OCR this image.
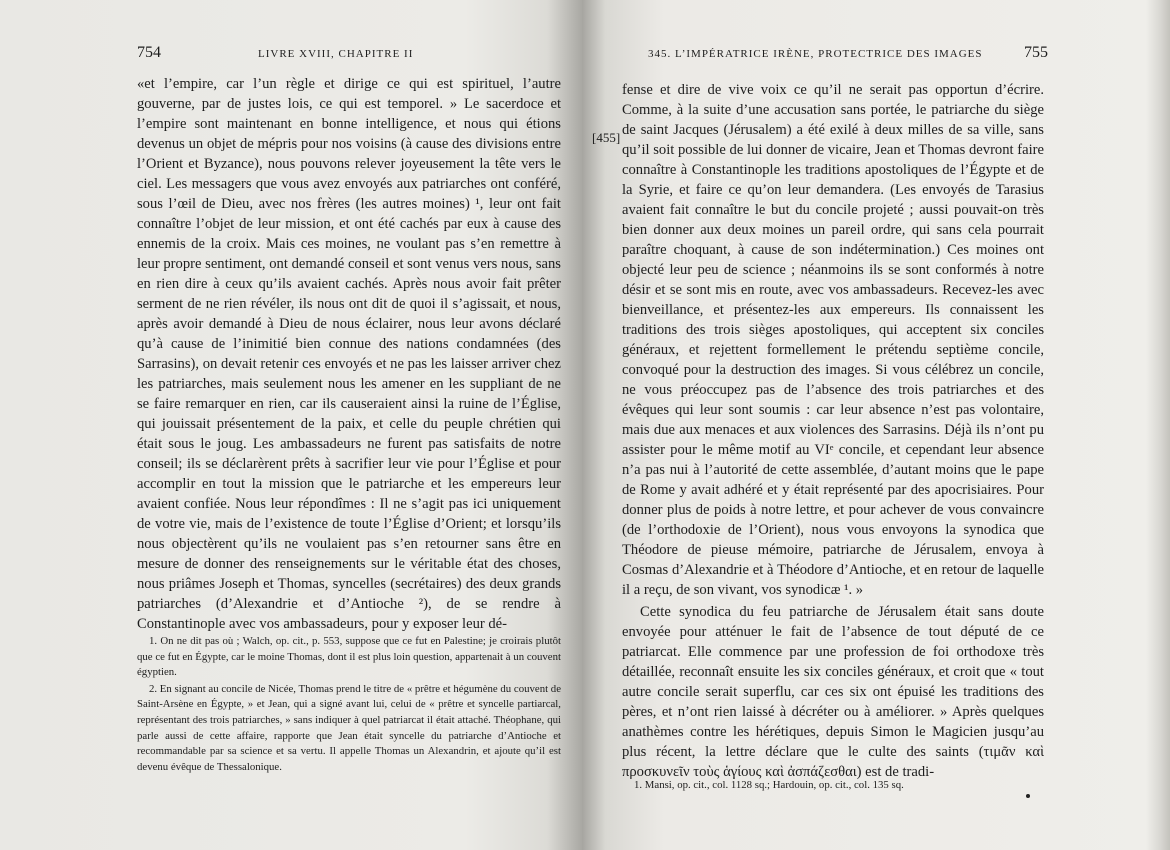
754	LIVRE XVIII, CHAPITRE II

«et l’empire, car l’un règle et dirige ce qui est spirituel, l’autre gouverne, par de justes lois, ce qui est temporel. » Le sacerdoce et l’empire sont maintenant en bonne intelligence, et nous qui étions devenus un objet de mépris pour nos voisins (à cause des divisions entre l’Orient et Byzance), nous pouvons relever joyeusement la tête vers le ciel. Les messagers que vous avez envoyés aux patriarches ont conféré, sous l’œil de Dieu, avec nos frères (les autres moines) ¹, leur ont fait connaître l’objet de leur mission, et ont été cachés par eux à cause des ennemis de la croix. Mais ces moines, ne voulant pas s’en remettre à leur propre sentiment, ont demandé conseil et sont venus vers nous, sans en rien dire à ceux qu’ils avaient cachés. Après nous avoir fait prêter serment de ne rien révéler, ils nous ont dit de quoi il s’agissait, et nous, après avoir demandé à Dieu de nous éclairer, nous leur avons déclaré qu’à cause de l’inimitié bien connue des nations condamnées (des Sarrasins), on devait retenir ces envoyés et ne pas les laisser arriver chez les patriarches, mais seulement nous les amener en les suppliant de ne se faire remarquer en rien, car ils causeraient ainsi la ruine de l’Église, qui jouissait présentement de la paix, et celle du peuple chrétien qui était sous le joug. Les ambassadeurs ne furent pas satisfaits de notre conseil; ils se déclarèrent prêts à sacrifier leur vie pour l’Église et pour accomplir en tout la mission que le patriarche et les empereurs leur avaient confiée. Nous leur répondîmes : Il ne s’agit pas ici uniquement de votre vie, mais de l’existence de toute l’Église d’Orient; et lorsqu’ils nous objectèrent qu’ils ne voulaient pas s’en retourner sans être en mesure de donner des renseignements sur le véritable état des choses, nous priâmes Joseph et Thomas, syncelles (secrétaires) des deux grands patriarches (d’Alexandrie et d’Antioche ²), de se rendre à Constantinople avec vos ambassadeurs, pour y exposer leur dé-

1. On ne dit pas où ; Walch, op. cit., p. 553, suppose que ce fut en Palestine; je croirais plutôt que ce fut en Égypte, car le moine Thomas, dont il est plus loin question, appartenait à un couvent égyptien.

2. En signant au concile de Nicée, Thomas prend le titre de « prêtre et hégumène du couvent de Saint-Arsène en Égypte, » et Jean, qui a signé avant lui, celui de « prêtre et syncelle partiarcal, représentant des trois patriarches, » sans indiquer à quel patriarcat il était attaché. Théophane, qui parle aussi de cette affaire, rapporte que Jean était syncelle du patriarche d’Antioche et recommandable par sa science et sa vertu. Il appelle Thomas un Alexandrin, et ajoute qu’il est devenu évêque de Thessalonique.

345. L’IMPÉRATRICE IRÈNE, PROTECTRICE DES IMAGES	755
[455]

fense et dire de vive voix ce qu’il ne serait pas opportun d’écrire. Comme, à la suite d’une accusation sans portée, le patriarche du siège de saint Jacques (Jérusalem) a été exilé à deux milles de sa ville, sans qu’il soit possible de lui donner de vicaire, Jean et Thomas devront faire connaître à Constantinople les traditions apostoliques de l’Égypte et de la Syrie, et faire ce qu’on leur demandera. (Les envoyés de Tarasius avaient fait connaître le but du concile projeté ; aussi pouvait-on très bien donner aux deux moines un pareil ordre, qui sans cela pourrait paraître choquant, à cause de son indétermination.) Ces moines ont objecté leur peu de science ; néanmoins ils se sont conformés à notre désir et se sont mis en route, avec vos ambassadeurs. Recevez-les avec bienveillance, et présentez-les aux empereurs. Ils connaissent les traditions des trois sièges apostoliques, qui acceptent six conciles généraux, et rejettent formellement le prétendu septième concile, convoqué pour la destruction des images. Si vous célébrez un concile, ne vous préoccupez pas de l’absence des trois patriarches et des évêques qui leur sont soumis : car leur absence n’est pas volontaire, mais due aux menaces et aux violences des Sarrasins. Déjà ils n’ont pu assister pour le même motif au VIᵉ concile, et cependant leur absence n’a pas nui à l’autorité de cette assemblée, d’autant moins que le pape de Rome y avait adhéré et y était représenté par des apocrisiaires. Pour donner plus de poids à notre lettre, et pour achever de vous convaincre (de l’orthodoxie de l’Orient), nous vous envoyons la synodica que Théodore de pieuse mémoire, patriarche de Jérusalem, envoya à Cosmas d’Alexandrie et à Théodore d’Antioche, et en retour de laquelle il a reçu, de son vivant, vos synodicæ ¹. »

Cette synodica du feu patriarche de Jérusalem était sans doute envoyée pour atténuer le fait de l’absence de tout député de ce patriarcat. Elle commence par une profession de foi orthodoxe très détaillée, reconnaît ensuite les six conciles généraux, et croit que « tout autre concile serait superflu, car ces six ont épuisé les traditions des pères, et n’ont rien laissé à décréter ou à améliorer. » Après quelques anathèmes contre les hérétiques, depuis Simon le Magicien jusqu’au plus récent, la lettre déclare que le culte des saints (τιμᾶν καὶ προσκυνεῖν τοὺς ἁγίους καὶ ἀσπάζεσθαι) est de tradi-

1. Mansi, op. cit., col. 1128 sq.; Hardouin, op. cit., col. 135 sq.
